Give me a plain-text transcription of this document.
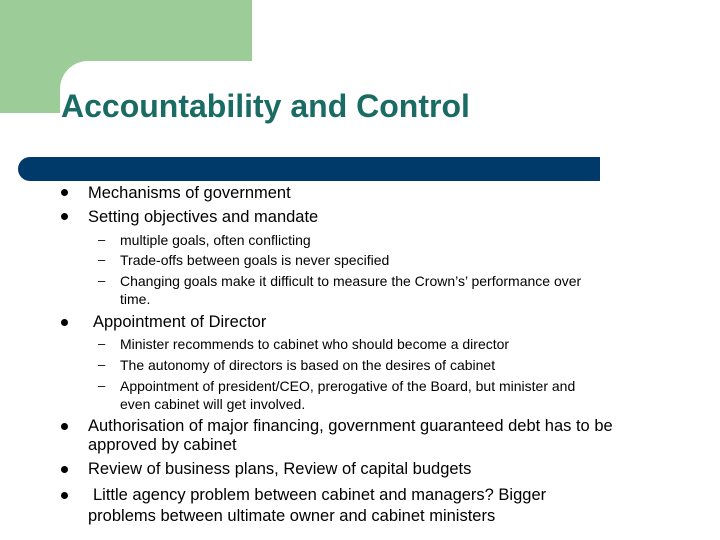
Accountability and Control
–
–
–
–
–
–
Mechanisms of government
Setting objectives and mandate
multiple goals, often conflicting
Trade-offs between goals is never specified
Changing goals make it difficult to measure the Crown’s’ performance over
time.
Appointment of Director
Minister recommends to cabinet who should become a director
The autonomy of directors is based on the desires of cabinet
Appointment of president/CEO, prerogative of the Board, but minister and
even cabinet will get involved.
Authorisation of major financing, government guaranteed debt has to be
approved by cabinet
Review of business plans, Review of capital budgets
Little agency problem between cabinet and managers? Bigger
problems between ultimate owner and cabinet ministers
